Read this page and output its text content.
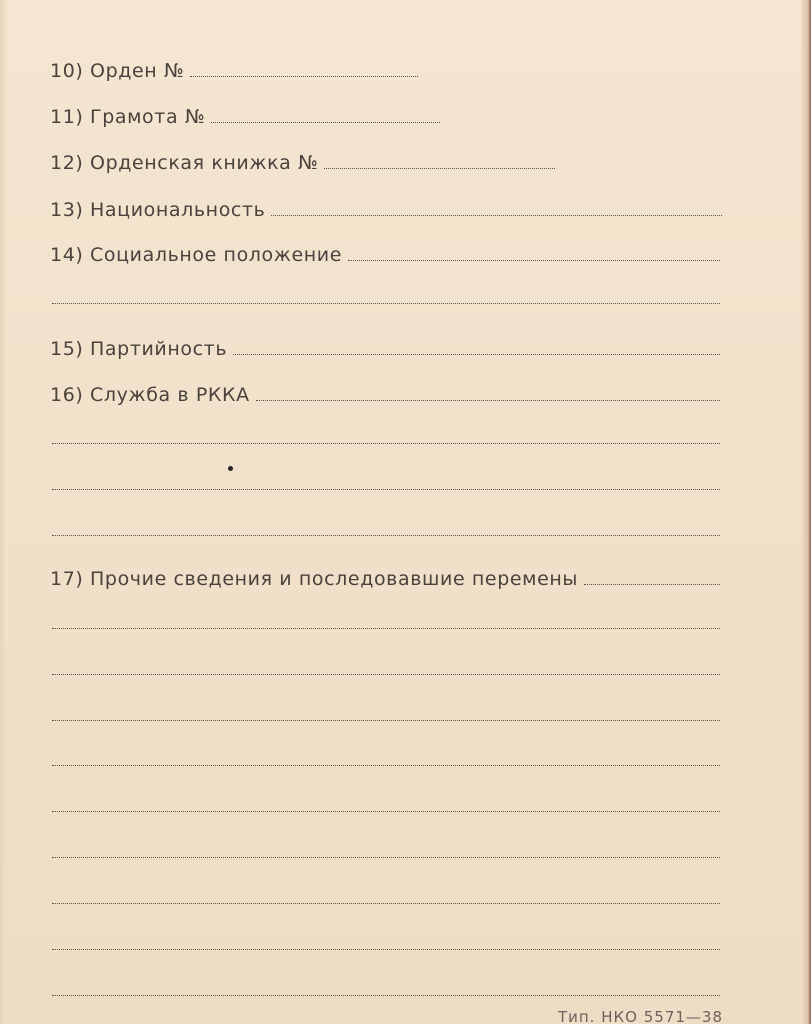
10) Орден №
11) Грамота №
12) Орденская книжка №
13) Национальность
14) Социальное положение
15) Партийность
16) Служба в РККА
17) Прочие сведения и последовавшие перемены
Тип. НКО 5571—38
